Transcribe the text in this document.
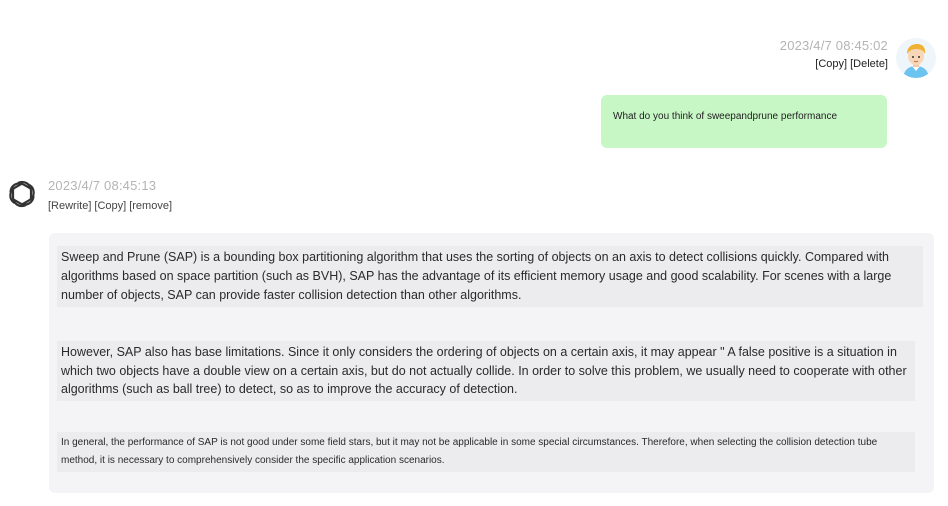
2023/4/7 08:45:02
[Copy] [Delete]
What do you think of sweepandprune performance
2023/4/7 08:45:13
[Rewrite] [Copy] [remove]
Sweep and Prune (SAP) is a bounding box partitioning algorithm that uses the sorting of objects on an axis to detect collisions quickly. Compared with algorithms based on space partition (such as BVH), SAP has the advantage of its efficient memory usage and good scalability. For scenes with a large number of objects, SAP can provide faster collision detection than other algorithms.
However, SAP also has base limitations. Since it only considers the ordering of objects on a certain axis, it may appear " A false positive is a situation in which two objects have a double view on a certain axis, but do not actually collide. In order to solve this problem, we usually need to cooperate with other algorithms (such as ball tree) to detect, so as to improve the accuracy of detection.
In general, the performance of SAP is not good under some field stars, but it may not be applicable in some special circumstances. Therefore, when selecting the collision detection tube method, it is necessary to comprehensively consider the specific application scenarios.
